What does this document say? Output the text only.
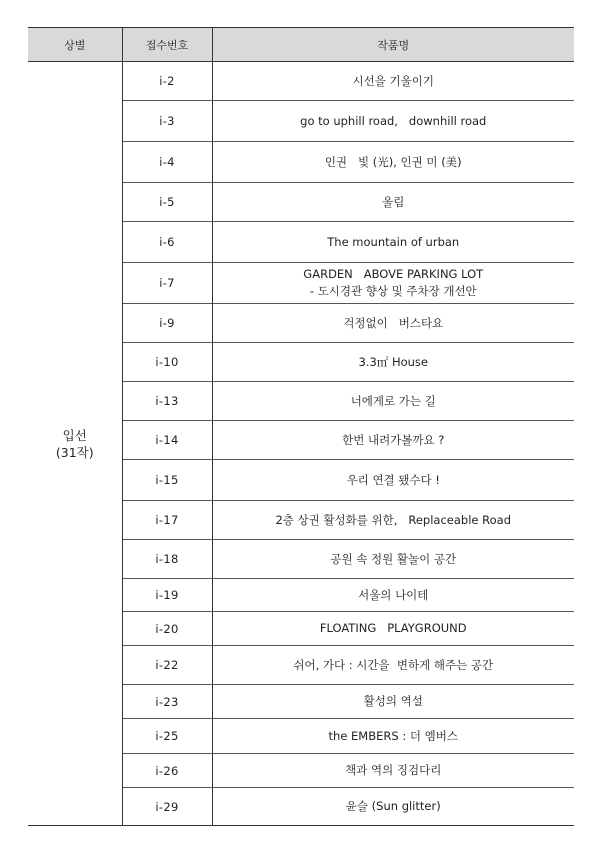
상별	접수번호	작품명

입선
(31작)	i-2	시선을 기울이기

	i-3	go to uphill road,   downhill road

	i-4	인권   빛 (光), 인권 미 (美)

	i-5	울림

	i-6	The mountain of urban

	i-7	GARDEN   ABOVE PARKING LOT
- 도시경관 향상 및 주차장 개선안

	i-9	걱정없이   버스타요

	i-10	3.3㎡ House

	i-13	너에게로 가는 길

	i-14	한번 내려가볼까요 ?

	i-15	우리 연결 됐수다 !

	i-17	2층 상권 활성화를 위한,   Replaceable Road

	i-18	공원 속 정원 활놀이 공간

	i-19	서울의 나이테

	i-20	FLOATING   PLAYGROUND

	i-22	쉬어, 가다 : 시간을  변하게 해주는 공간

	i-23	활성의 역설

	i-25	the EMBERS : 더 엠버스

	i-26	책과 역의 징검다리

	i-29	윤슬 (Sun glitter)
